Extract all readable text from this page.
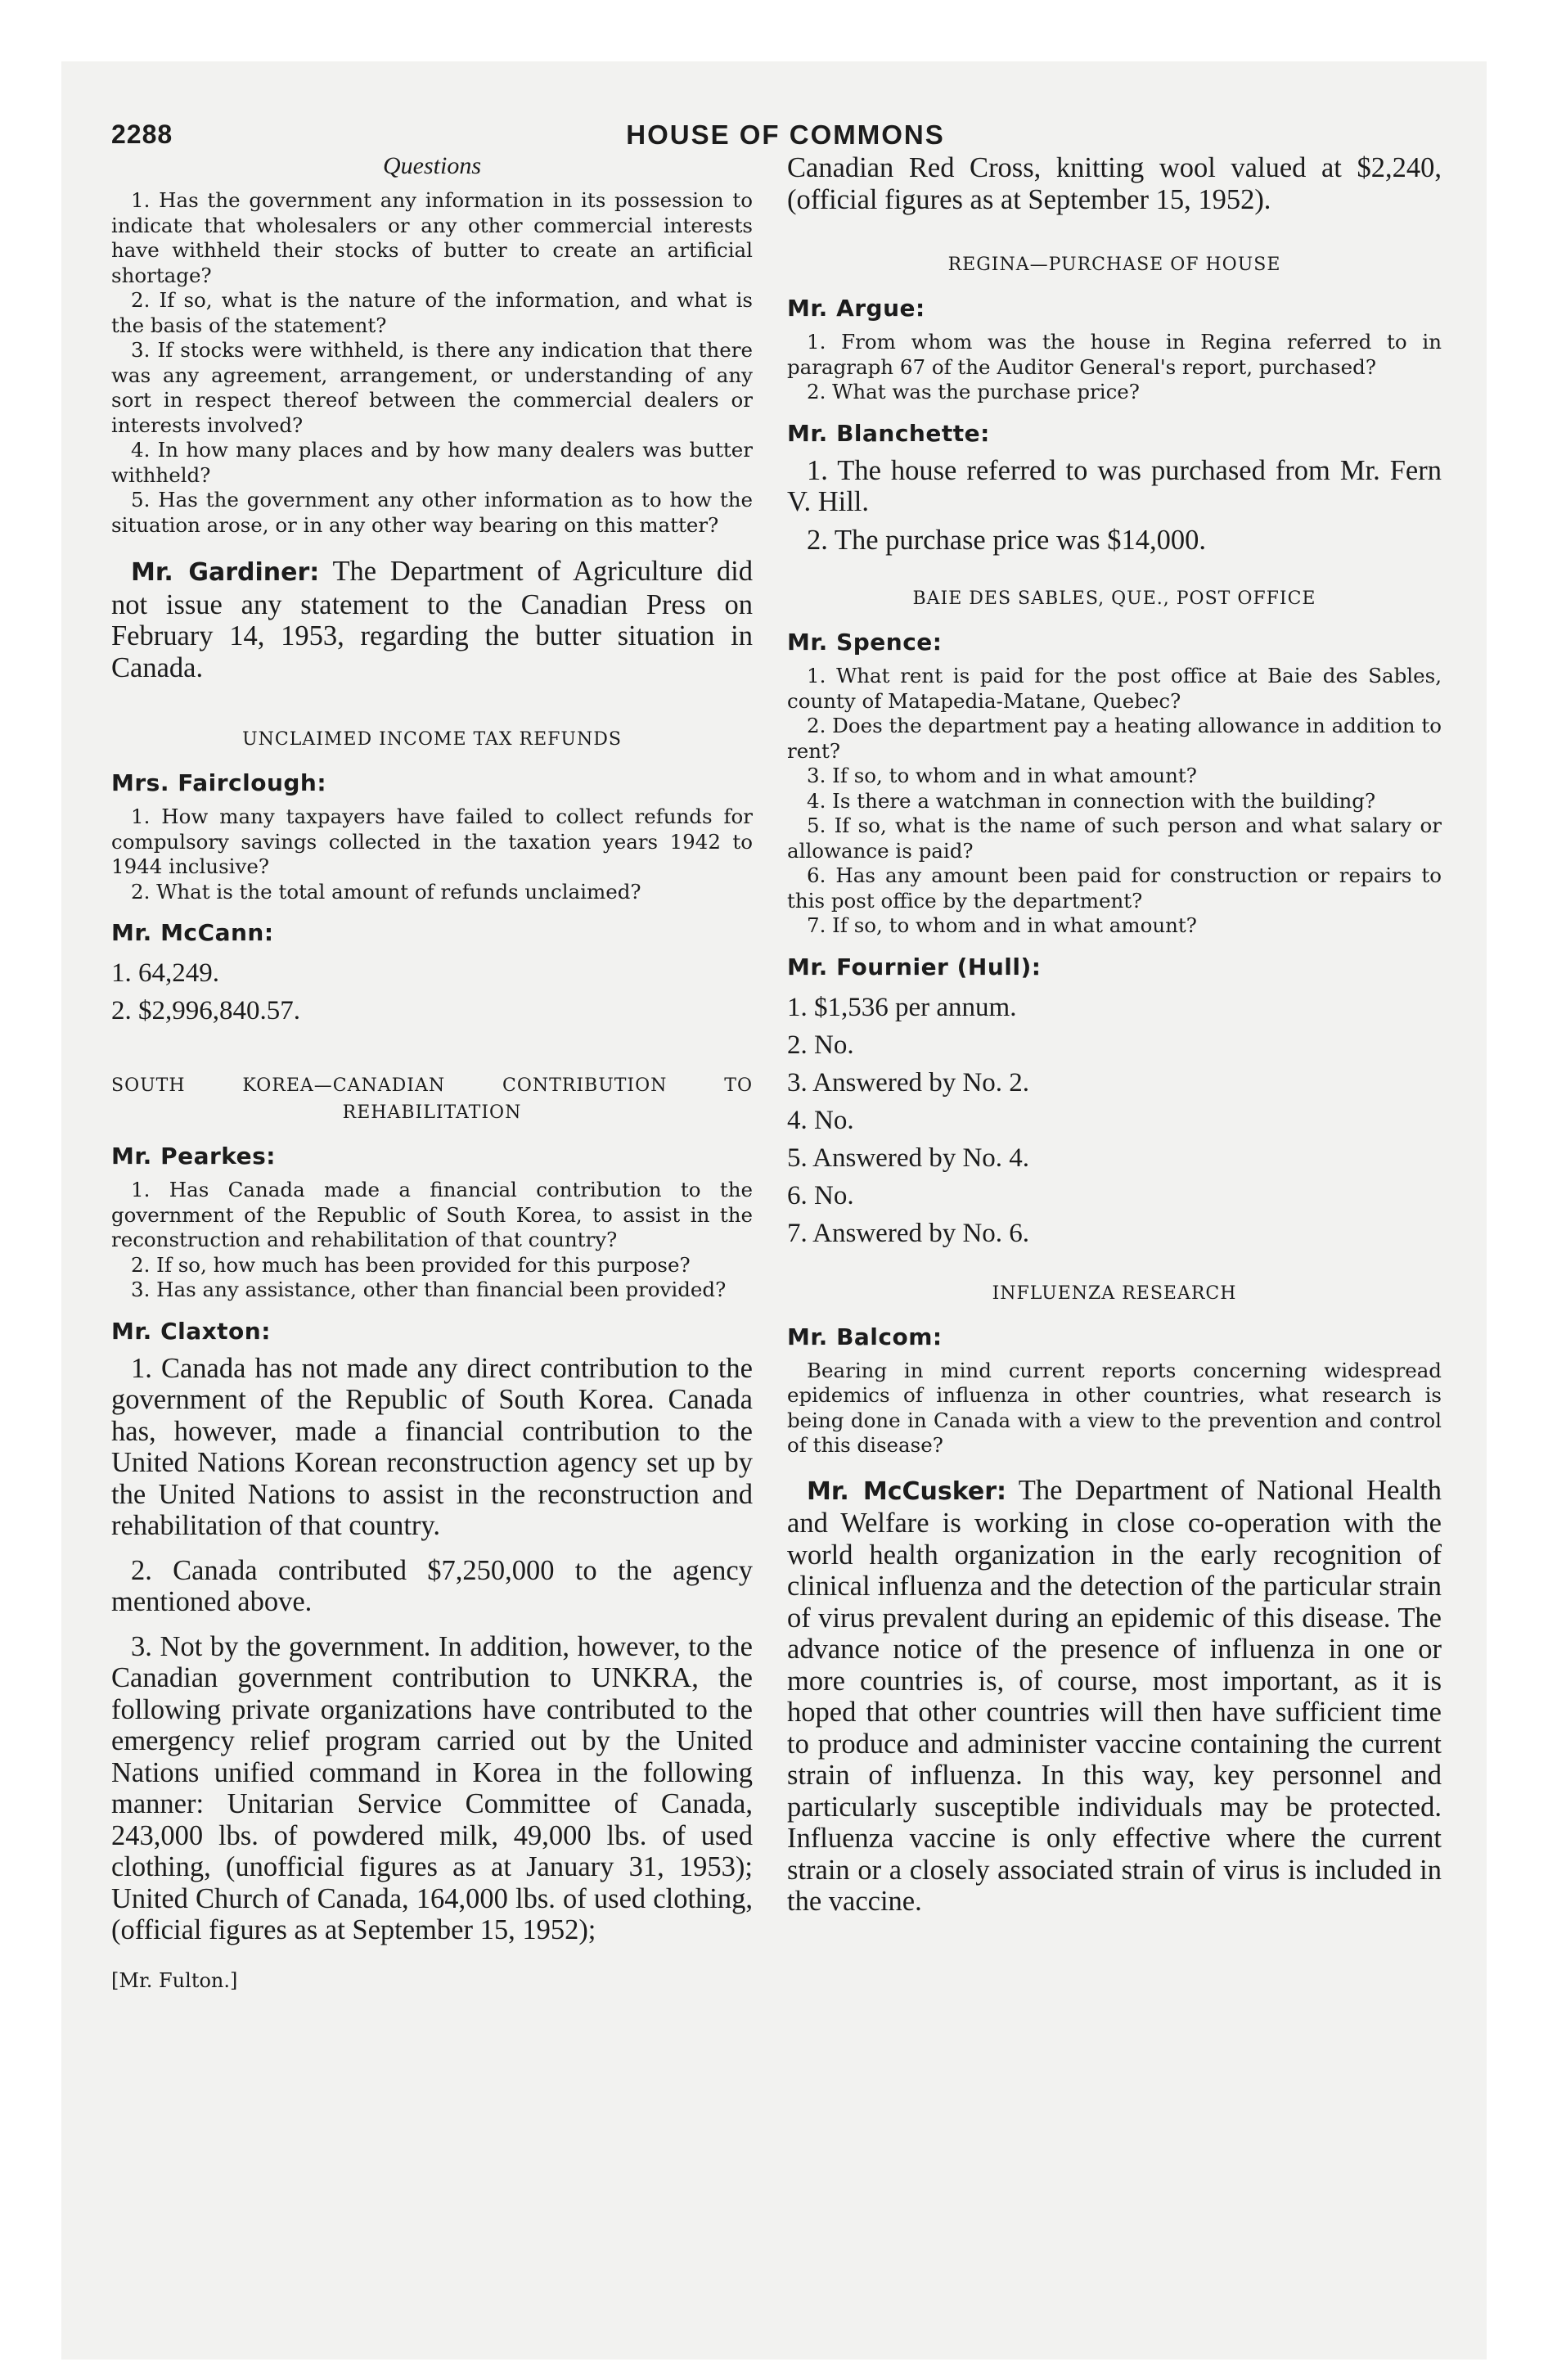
2288	HOUSE OF COMMONS
Questions

1. Has the government any information in its possession to indicate that wholesalers or any other commercial interests have withheld their stocks of butter to create an artificial shortage?

2. If so, what is the nature of the information, and what is the basis of the statement?

3. If stocks were withheld, is there any indication that there was any agreement, arrangement, or understanding of any sort in respect thereof between the commercial dealers or interests involved?

4. In how many places and by how many dealers was butter withheld?

5. Has the government any other information as to how the situation arose, or in any other way bearing on this matter?

Mr. Gardiner: The Department of Agriculture did not issue any statement to the Canadian Press on February 14, 1953, regarding the butter situation in Canada.

UNCLAIMED INCOME TAX REFUNDS
Mrs. Fairclough:

1. How many taxpayers have failed to collect refunds for compulsory savings collected in the taxation years 1942 to 1944 inclusive?

2. What is the total amount of refunds unclaimed?

Mr. McCann:

1. 64,249.

2. $2,996,840.57.

SOUTH KOREA—CANADIAN CONTRIBUTION TO
REHABILITATION
Mr. Pearkes:

1. Has Canada made a financial contribution to the government of the Republic of South Korea, to assist in the reconstruction and rehabilitation of that country?

2. If so, how much has been provided for this purpose?

3. Has any assistance, other than financial been provided?

Mr. Claxton:

1. Canada has not made any direct contribution to the government of the Republic of South Korea. Canada has, however, made a financial contribution to the United Nations Korean reconstruction agency set up by the United Nations to assist in the reconstruction and rehabilitation of that country.

2. Canada contributed $7,250,000 to the agency mentioned above.

3. Not by the government. In addition, however, to the Canadian government contribution to UNKRA, the following private organizations have contributed to the emergency relief program carried out by the United Nations unified command in Korea in the following manner: Unitarian Service Committee of Canada, 243,000 lbs. of powdered milk, 49,000 lbs. of used clothing, (unofficial figures as at January 31, 1953); United Church of Canada, 164,000 lbs. of used clothing, (official figures as at September 15, 1952);

[Mr. Fulton.]

Canadian Red Cross, knitting wool valued at $2,240, (official figures as at September 15, 1952).

REGINA—PURCHASE OF HOUSE
Mr. Argue:

1. From whom was the house in Regina referred to in paragraph 67 of the Auditor General's report, purchased?

2. What was the purchase price?

Mr. Blanchette:

1. The house referred to was purchased from Mr. Fern V. Hill.

2. The purchase price was $14,000.

BAIE DES SABLES, QUE., POST OFFICE
Mr. Spence:

1. What rent is paid for the post office at Baie des Sables, county of Matapedia-Matane, Quebec?

2. Does the department pay a heating allowance in addition to rent?

3. If so, to whom and in what amount?

4. Is there a watchman in connection with the building?

5. If so, what is the name of such person and what salary or allowance is paid?

6. Has any amount been paid for construction or repairs to this post office by the department?

7. If so, to whom and in what amount?

Mr. Fournier (Hull):

1. $1,536 per annum.

2. No.

3. Answered by No. 2.

4. No.

5. Answered by No. 4.

6. No.

7. Answered by No. 6.

INFLUENZA RESEARCH
Mr. Balcom:

Bearing in mind current reports concerning widespread epidemics of influenza in other countries, what research is being done in Canada with a view to the prevention and control of this disease?

Mr. McCusker: The Department of National Health and Welfare is working in close co-operation with the world health organization in the early recognition of clinical influenza and the detection of the particular strain of virus prevalent during an epidemic of this disease. The advance notice of the presence of influenza in one or more countries is, of course, most important, as it is hoped that other countries will then have sufficient time to produce and administer vaccine containing the current strain of influenza. In this way, key personnel and particularly susceptible individuals may be protected. Influenza vaccine is only effective where the current strain or a closely associated strain of virus is included in the vaccine.
